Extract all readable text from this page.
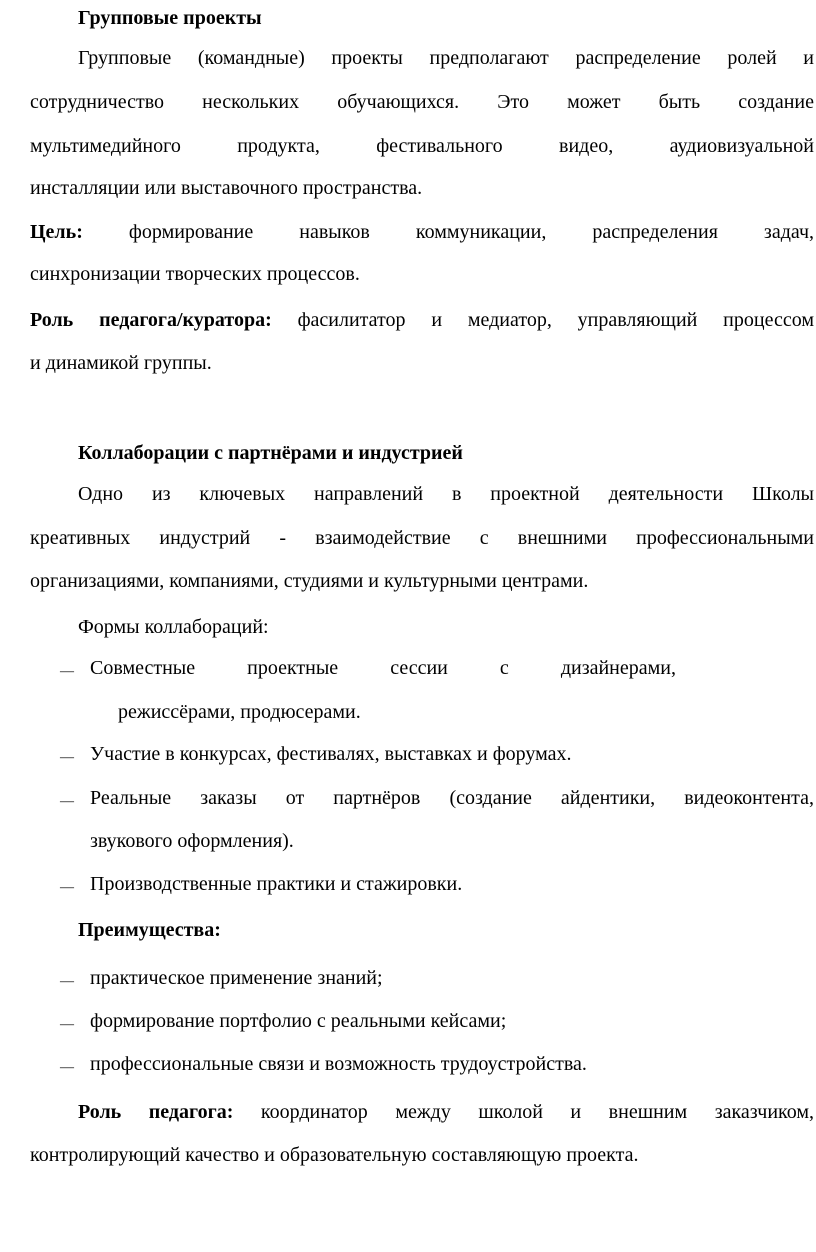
Групповые проекты
Групповые (командные) проекты предполагают распределение ролей и
сотрудничество нескольких обучающихся. Это может быть создание
мультимедийного продукта, фестивального видео, аудиовизуальной
инсталляции или выставочного пространства.
Цель: формирование навыков коммуникации, распределения задач,
синхронизации творческих процессов.
Роль педагога/куратора: фасилитатор и медиатор, управляющий процессом
и динамикой группы.
Коллаборации с партнёрами и индустрией
Одно из ключевых направлений в проектной деятельности Школы
креативных индустрий - взаимодействие с внешними профессиональными
организациями, компаниями, студиями и культурными центрами.
Формы коллабораций:
— Совместные проектные сессии с дизайнерами,
режиссёрами, продюсерами.
— Участие в конкурсах, фестивалях, выставках и форумах.
— Реальные заказы от партнёров (создание айдентики, видеоконтента,
звукового оформления).
— Производственные практики и стажировки.
Преимущества:
— практическое применение знаний;
— формирование портфолио с реальными кейсами;
— профессиональные связи и возможность трудоустройства.
Роль педагога: координатор между школой и внешним заказчиком,
контролирующий качество и образовательную составляющую проекта.
